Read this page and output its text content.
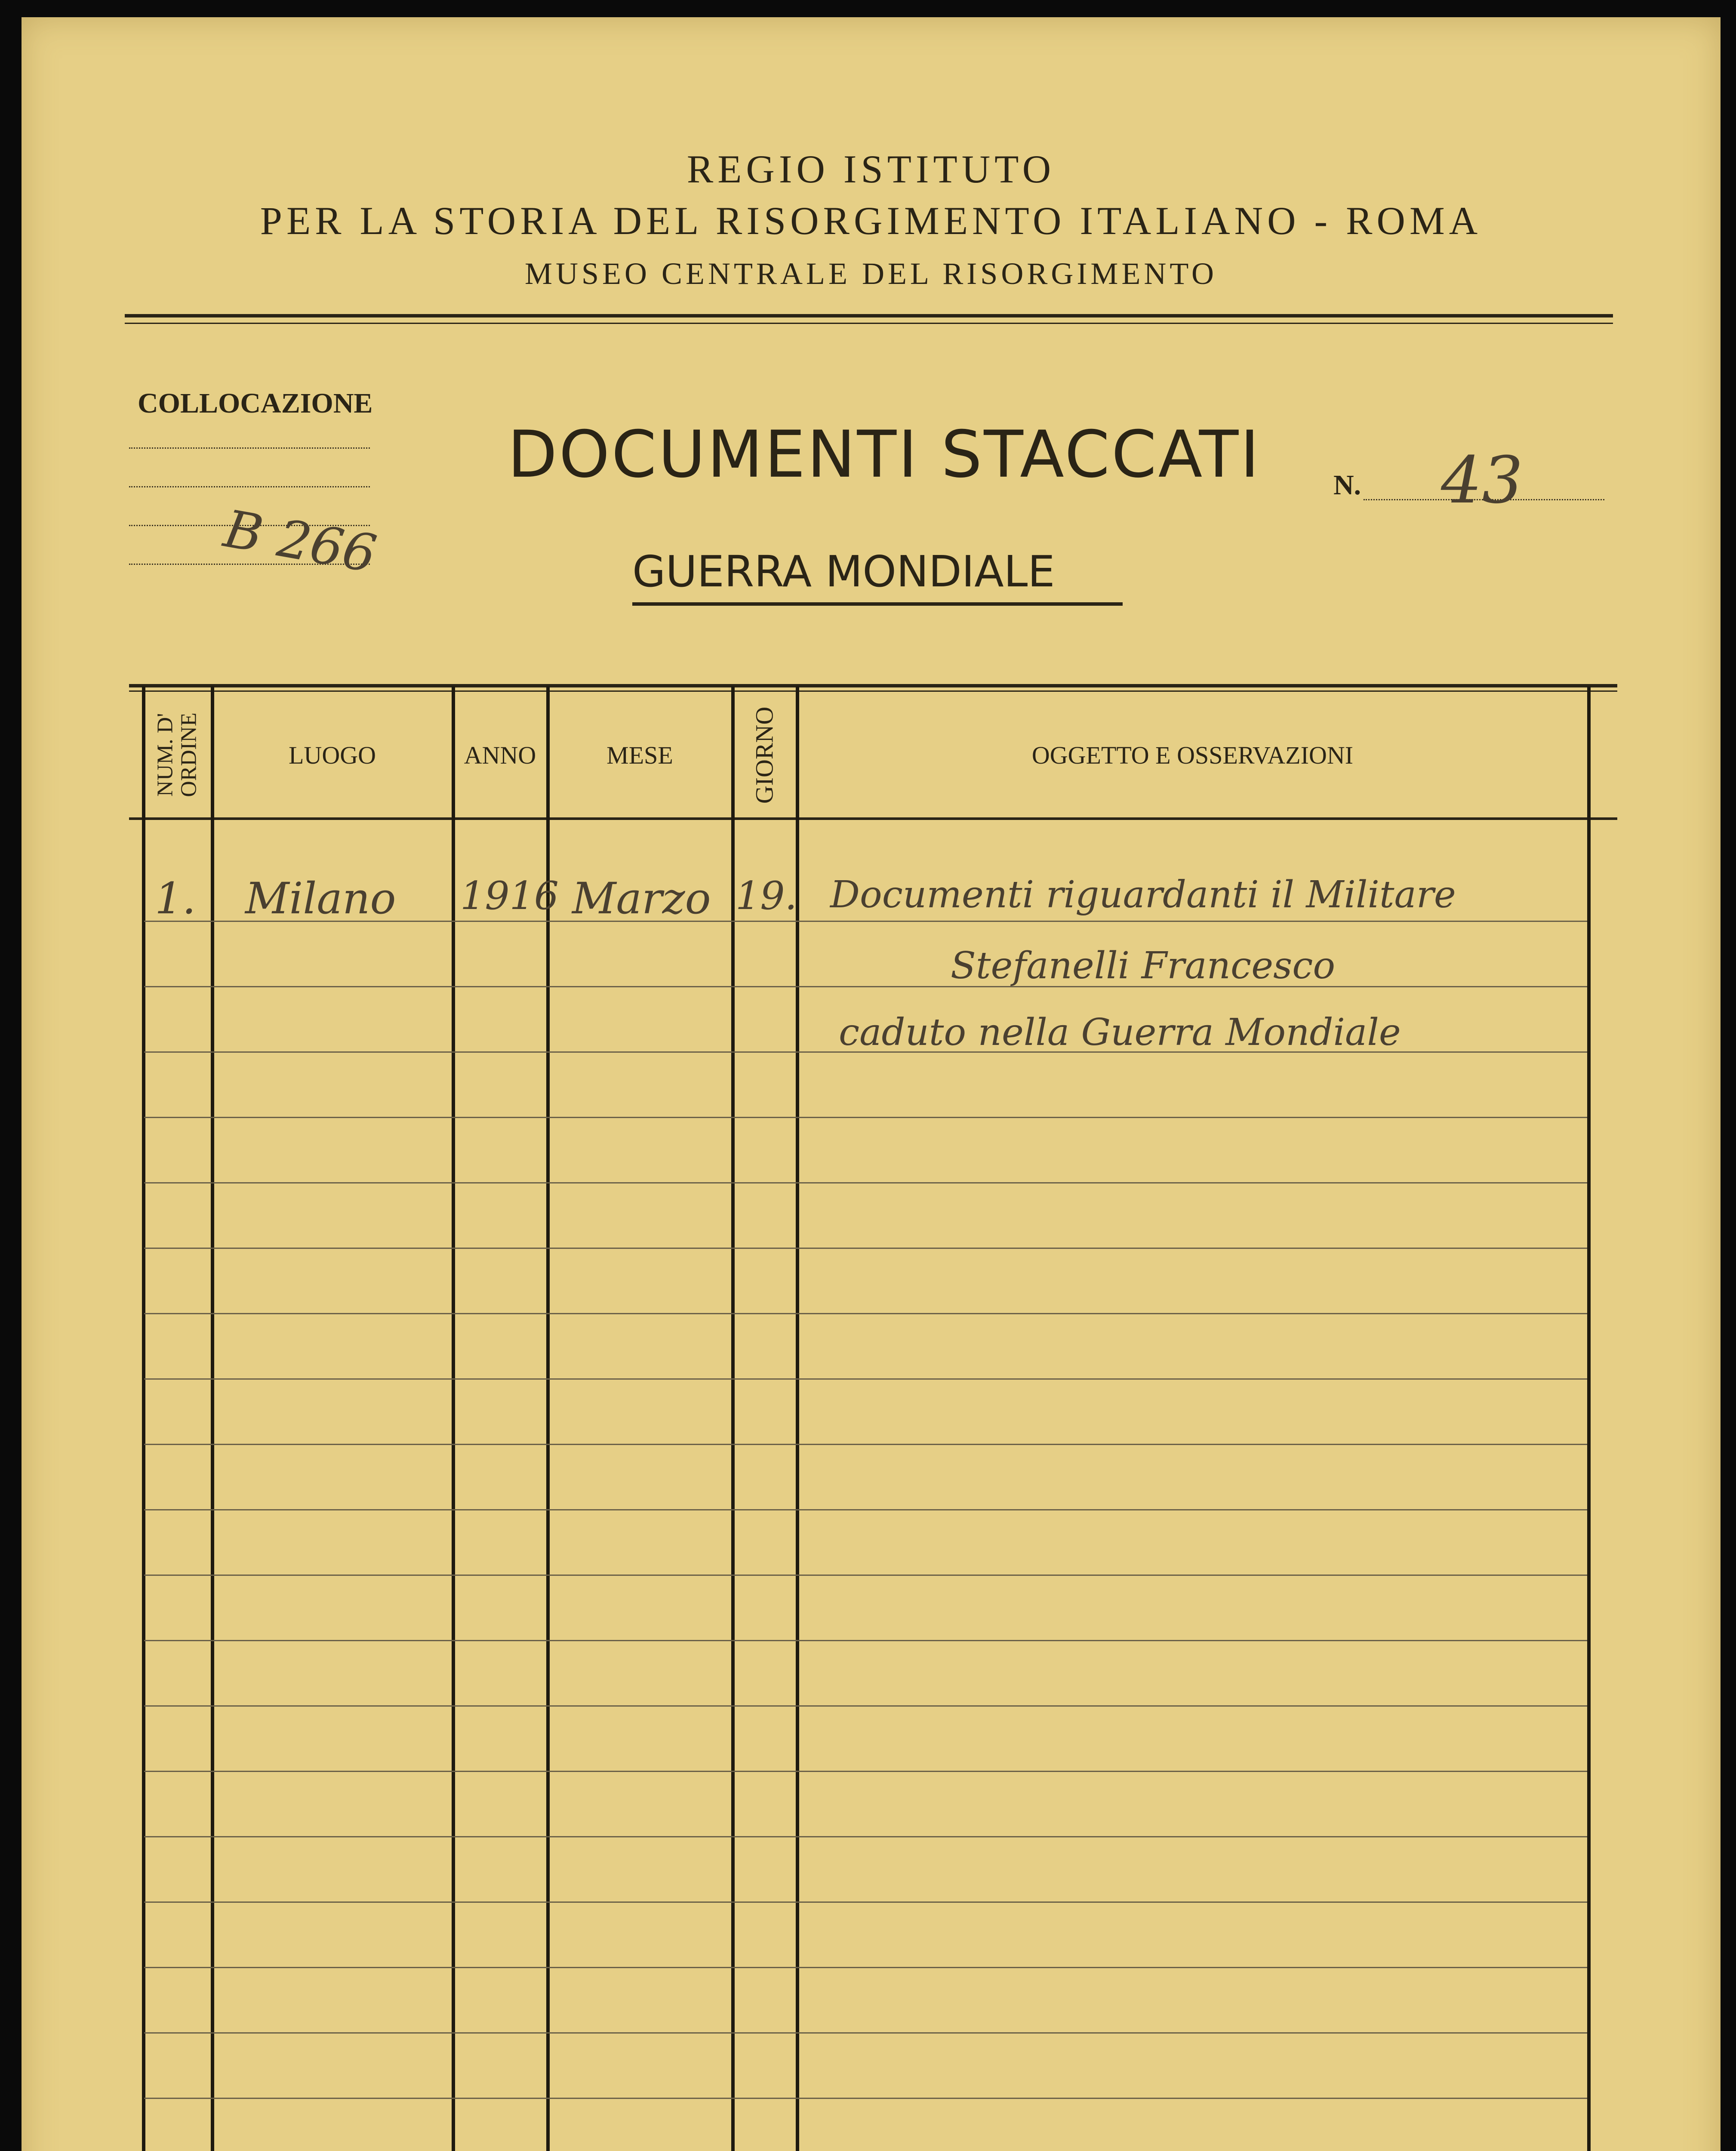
REGIO ISTITUTO
PER LA STORIA DEL RISORGIMENTO ITALIANO - ROMA
MUSEO CENTRALE DEL RISORGIMENTO
COLLOCAZIONE
B 266
DOCUMENTI STACCATI
GUERRA MONDIALE
N. 43
NUM. D' ORDINE	LUOGO	ANNO	MESE	GIORNO	OGGETTO E OSSERVAZIONI
1. Milano 1916 Marzo 19. Documenti riguardanti il Militare
Stefanelli Francesco
caduto nella Guerra Mondiale
